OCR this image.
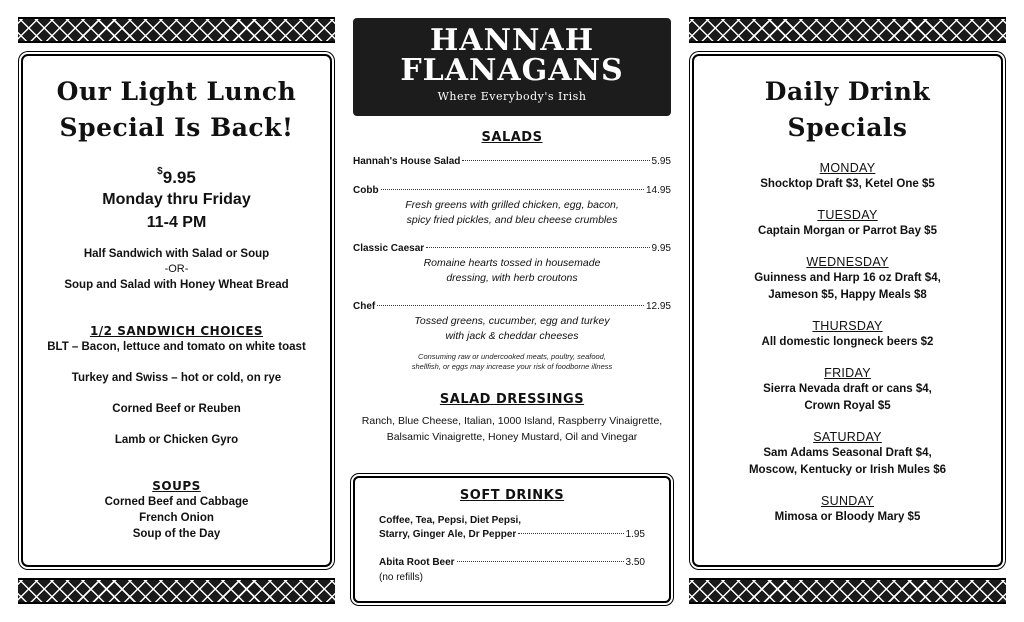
Our Light Lunch
Special Is Back!
$9.95
Monday thru Friday
11-4 PM
Half Sandwich with Salad or Soup
-OR-
Soup and Salad with Honey Wheat Bread
1/2 SANDWICH CHOICES
BLT – Bacon, lettuce and tomato on white toast
Turkey and Swiss – hot or cold, on rye
Corned Beef or Reuben
Lamb or Chicken Gyro
SOUPS
Corned Beef and Cabbage
French Onion
Soup of the Day
HANNAH
FLANAGANS
Where Everybody's Irish
SALADS
Hannah's House Salad	5.95
Cobb	14.95
Fresh greens with grilled chicken, egg, bacon,
spicy fried pickles, and bleu cheese crumbles
Classic Caesar	9.95
Romaine hearts tossed in housemade
dressing, with herb croutons
Chef	12.95
Tossed greens, cucumber, egg and turkey
with jack & cheddar cheeses
Consuming raw or undercooked meats, poultry, seafood,
shellfish, or eggs may increase your risk of foodborne illness
SALAD DRESSINGS
Ranch, Blue Cheese, Italian, 1000 Island, Raspberry Vinaigrette,
Balsamic Vinaigrette, Honey Mustard, Oil and Vinegar
SOFT DRINKS
Coffee, Tea, Pepsi, Diet Pepsi,
Starry, Ginger Ale, Dr Pepper	1.95
Abita Root Beer	3.50
(no refills)
Daily Drink
Specials
MONDAY
Shocktop Draft $3, Ketel One $5
TUESDAY
Captain Morgan or Parrot Bay $5
WEDNESDAY
Guinness and Harp 16 oz Draft $4,
Jameson $5, Happy Meals $8
THURSDAY
All domestic longneck beers $2
FRIDAY
Sierra Nevada draft or cans $4,
Crown Royal $5
SATURDAY
Sam Adams Seasonal Draft $4,
Moscow, Kentucky or Irish Mules $6
SUNDAY
Mimosa or Bloody Mary $5
